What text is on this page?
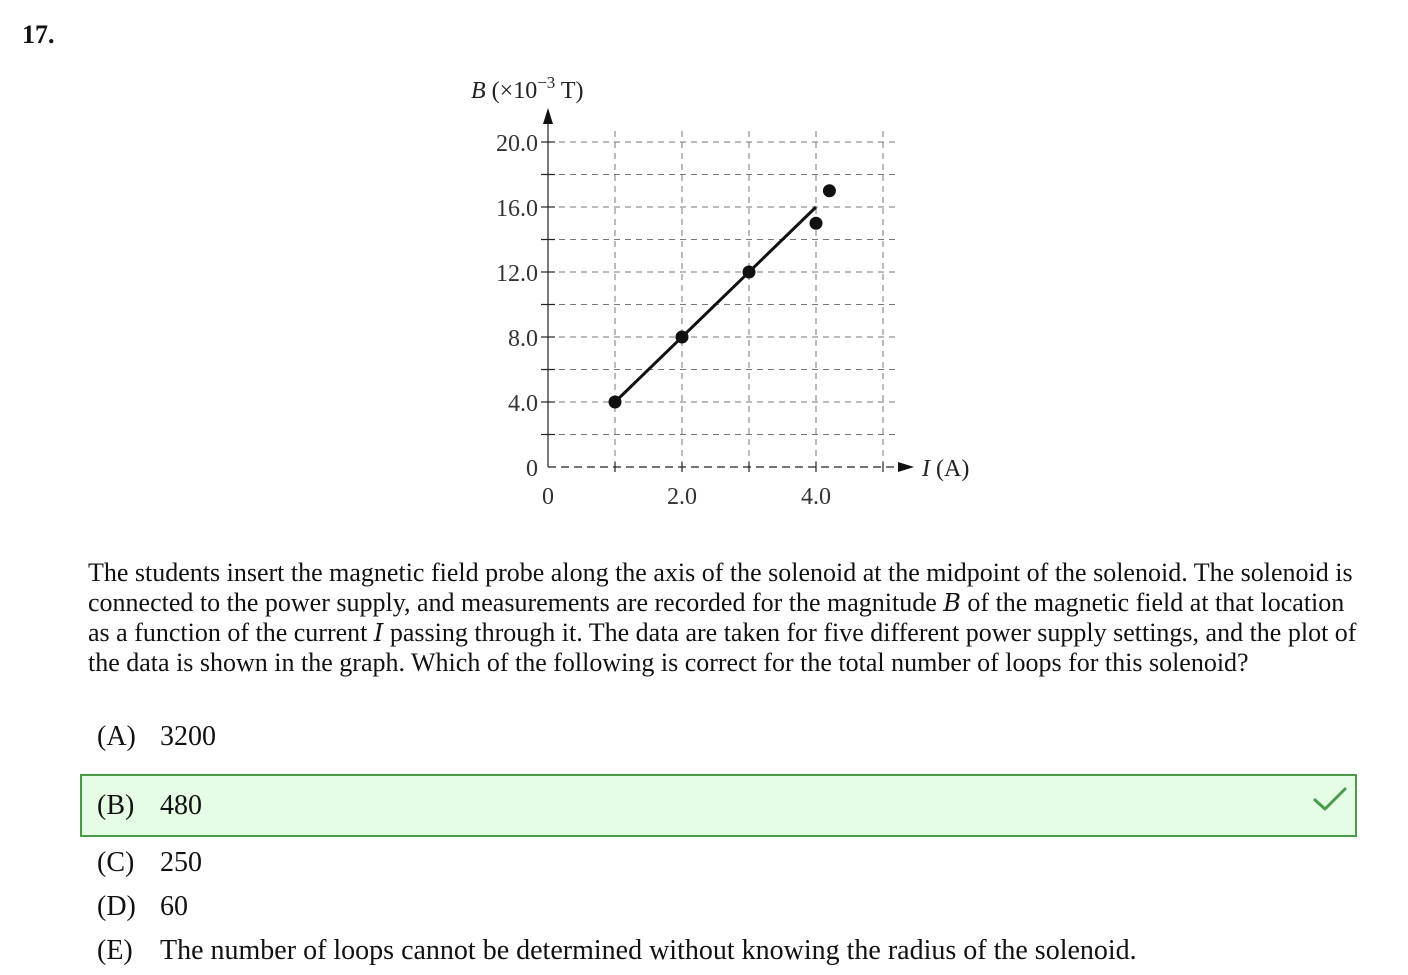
17.
0
4.0
8.0
12.0
16.0
20.0
0	2.0	4.0
B ($\times 10^{-3}$ T)
I (A)
The students insert the magnetic field probe along the axis of the solenoid at the midpoint of the solenoid. The solenoid is connected to the power supply, and measurements are recorded for the magnitude B of the magnetic field at that location as a function of the current I passing through it. The data are taken for five different power supply settings, and the plot of the data is shown in the graph. Which of the following is correct for the total number of loops for this solenoid?
(A) 3200
(B) 480
(C) 250
(D) 60
(E) The number of loops cannot be determined without knowing the radius of the solenoid.
